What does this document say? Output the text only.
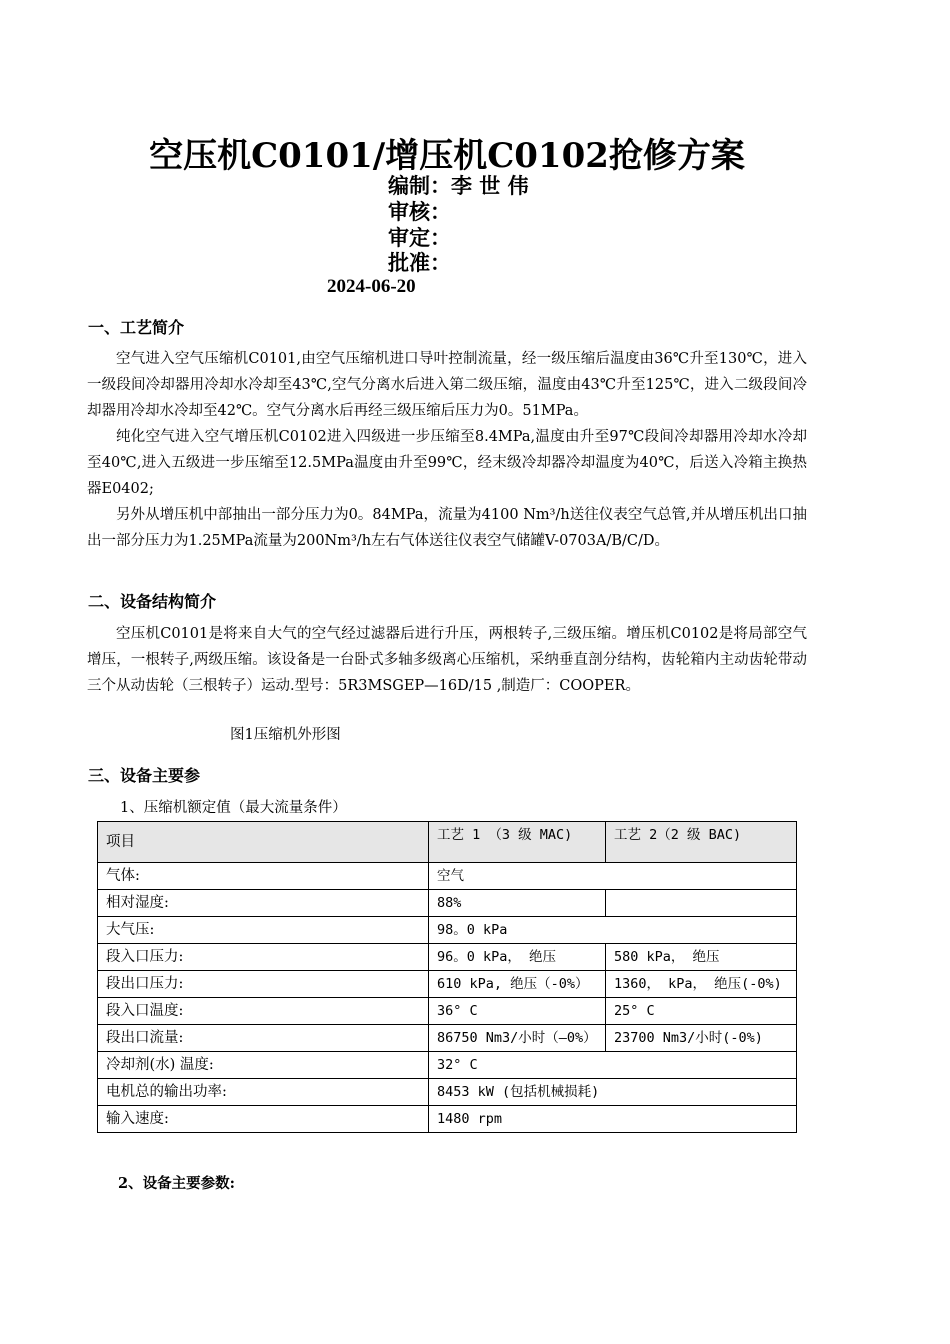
空压机C0101/增压机C0102抢修方案
编制：李 世 伟
审核：
审定：
批准：
2024-06-20
一、工艺简介

空气进入空气压缩机C0101,由空气压缩机进口导叶控制流量，经一级压缩后温度由36℃升至130℃，进入一级段间冷却器用冷却水冷却至43℃,空气分离水后进入第二级压缩，温度由43℃升至125℃，进入二级段间冷却器用冷却水冷却至42℃。空气分离水后再经三级压缩后压力为0。51MPa。

纯化空气进入空气增压机C0102进入四级进一步压缩至8.4MPa,温度由升至97℃段间冷却器用冷却水冷却至40℃,进入五级进一步压缩至12.5MPa温度由升至99℃，经末级冷却器冷却温度为40℃，后送入冷箱主换热器E0402;

另外从增压机中部抽出一部分压力为0。84MPa，流量为4100 Nm³/h送往仪表空气总管,并从增压机出口抽出一部分压力为1.25MPa流量为200Nm³/h左右气体送往仪表空气储罐V-0703A/B/C/D。

二、设备结构简介

空压机C0101是将来自大气的空气经过滤器后进行升压，两根转子,三级压缩。增压机C0102是将局部空气增压，一根转子,两级压缩。该设备是一台卧式多轴多级离心压缩机，采纳垂直剖分结构，齿轮箱内主动齿轮带动三个从动齿轮（三根转子）运动.型号：5R3MSGEP—16D/15 ,制造厂：COOPER。

图1压缩机外形图
三、设备主要参
1、压缩机额定值（最大流量条件）
项目	工艺 1 （3 级 MAC)	工艺 2（2 级 BAC)
气体:	空气	
相对湿度:	88%	
大气压:	98。0 kPa	
段入口压力:	96。0 kPa， 绝压	580 kPa， 绝压
段出口压力:	610 kPa, 绝压（-0%）	1360， kPa， 绝压(-0%)
段入口温度:	36° C	25° C
段出口流量:	86750 Nm3/小时（—0%）	23700 Nm3/小时(-0%)
冷却剂(水) 温度:	32° C	
电机总的输出功率:	8453 kW (包括机械损耗)	
输入速度:	1480 rpm	
2、设备主要参数:
